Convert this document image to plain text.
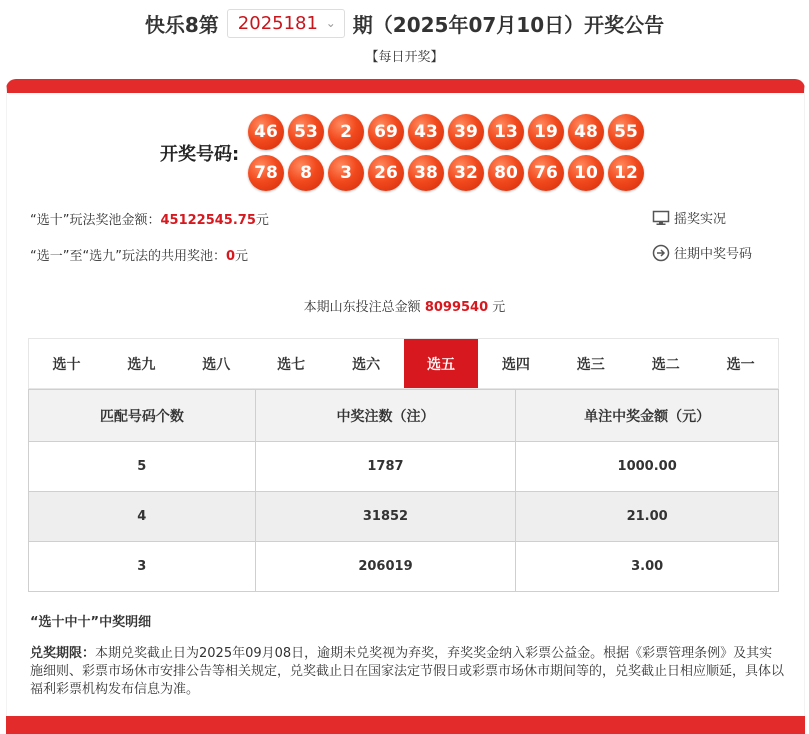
快乐8第 2025181 ⌄ 期（2025年07月10日）开奖公告
【每日开奖】
开奖号码:
46 53	2	69 43 39 13 19 48 55
78	8	3	26 38 32 80 76 10 12
“选十”玩法奖池金额：45122545.75元
“选一”至“选九”玩法的共用奖池：0元
摇奖实况
往期中奖号码
本期山东投注总金额 8099540 元
选十	选九	选八	选七	选六	选五	选四	选三	选二	选一
匹配号码个数	中奖注数（注）	单注中奖金额（元）
5	1787	1000.00
4	31852	21.00
3	206019	3.00
“选十中十”中奖明细
兑奖期限：本期兑奖截止日为2025年09月08日，逾期未兑奖视为弃奖，弃奖奖金纳入彩票公益金。根据《彩票管理条例》及其实施细则、彩票市场休市安排公告等相关规定，兑奖截止日在国家法定节假日或彩票市场休市期间等的，兑奖截止日相应顺延，具体以福利彩票机构发布信息为准。
